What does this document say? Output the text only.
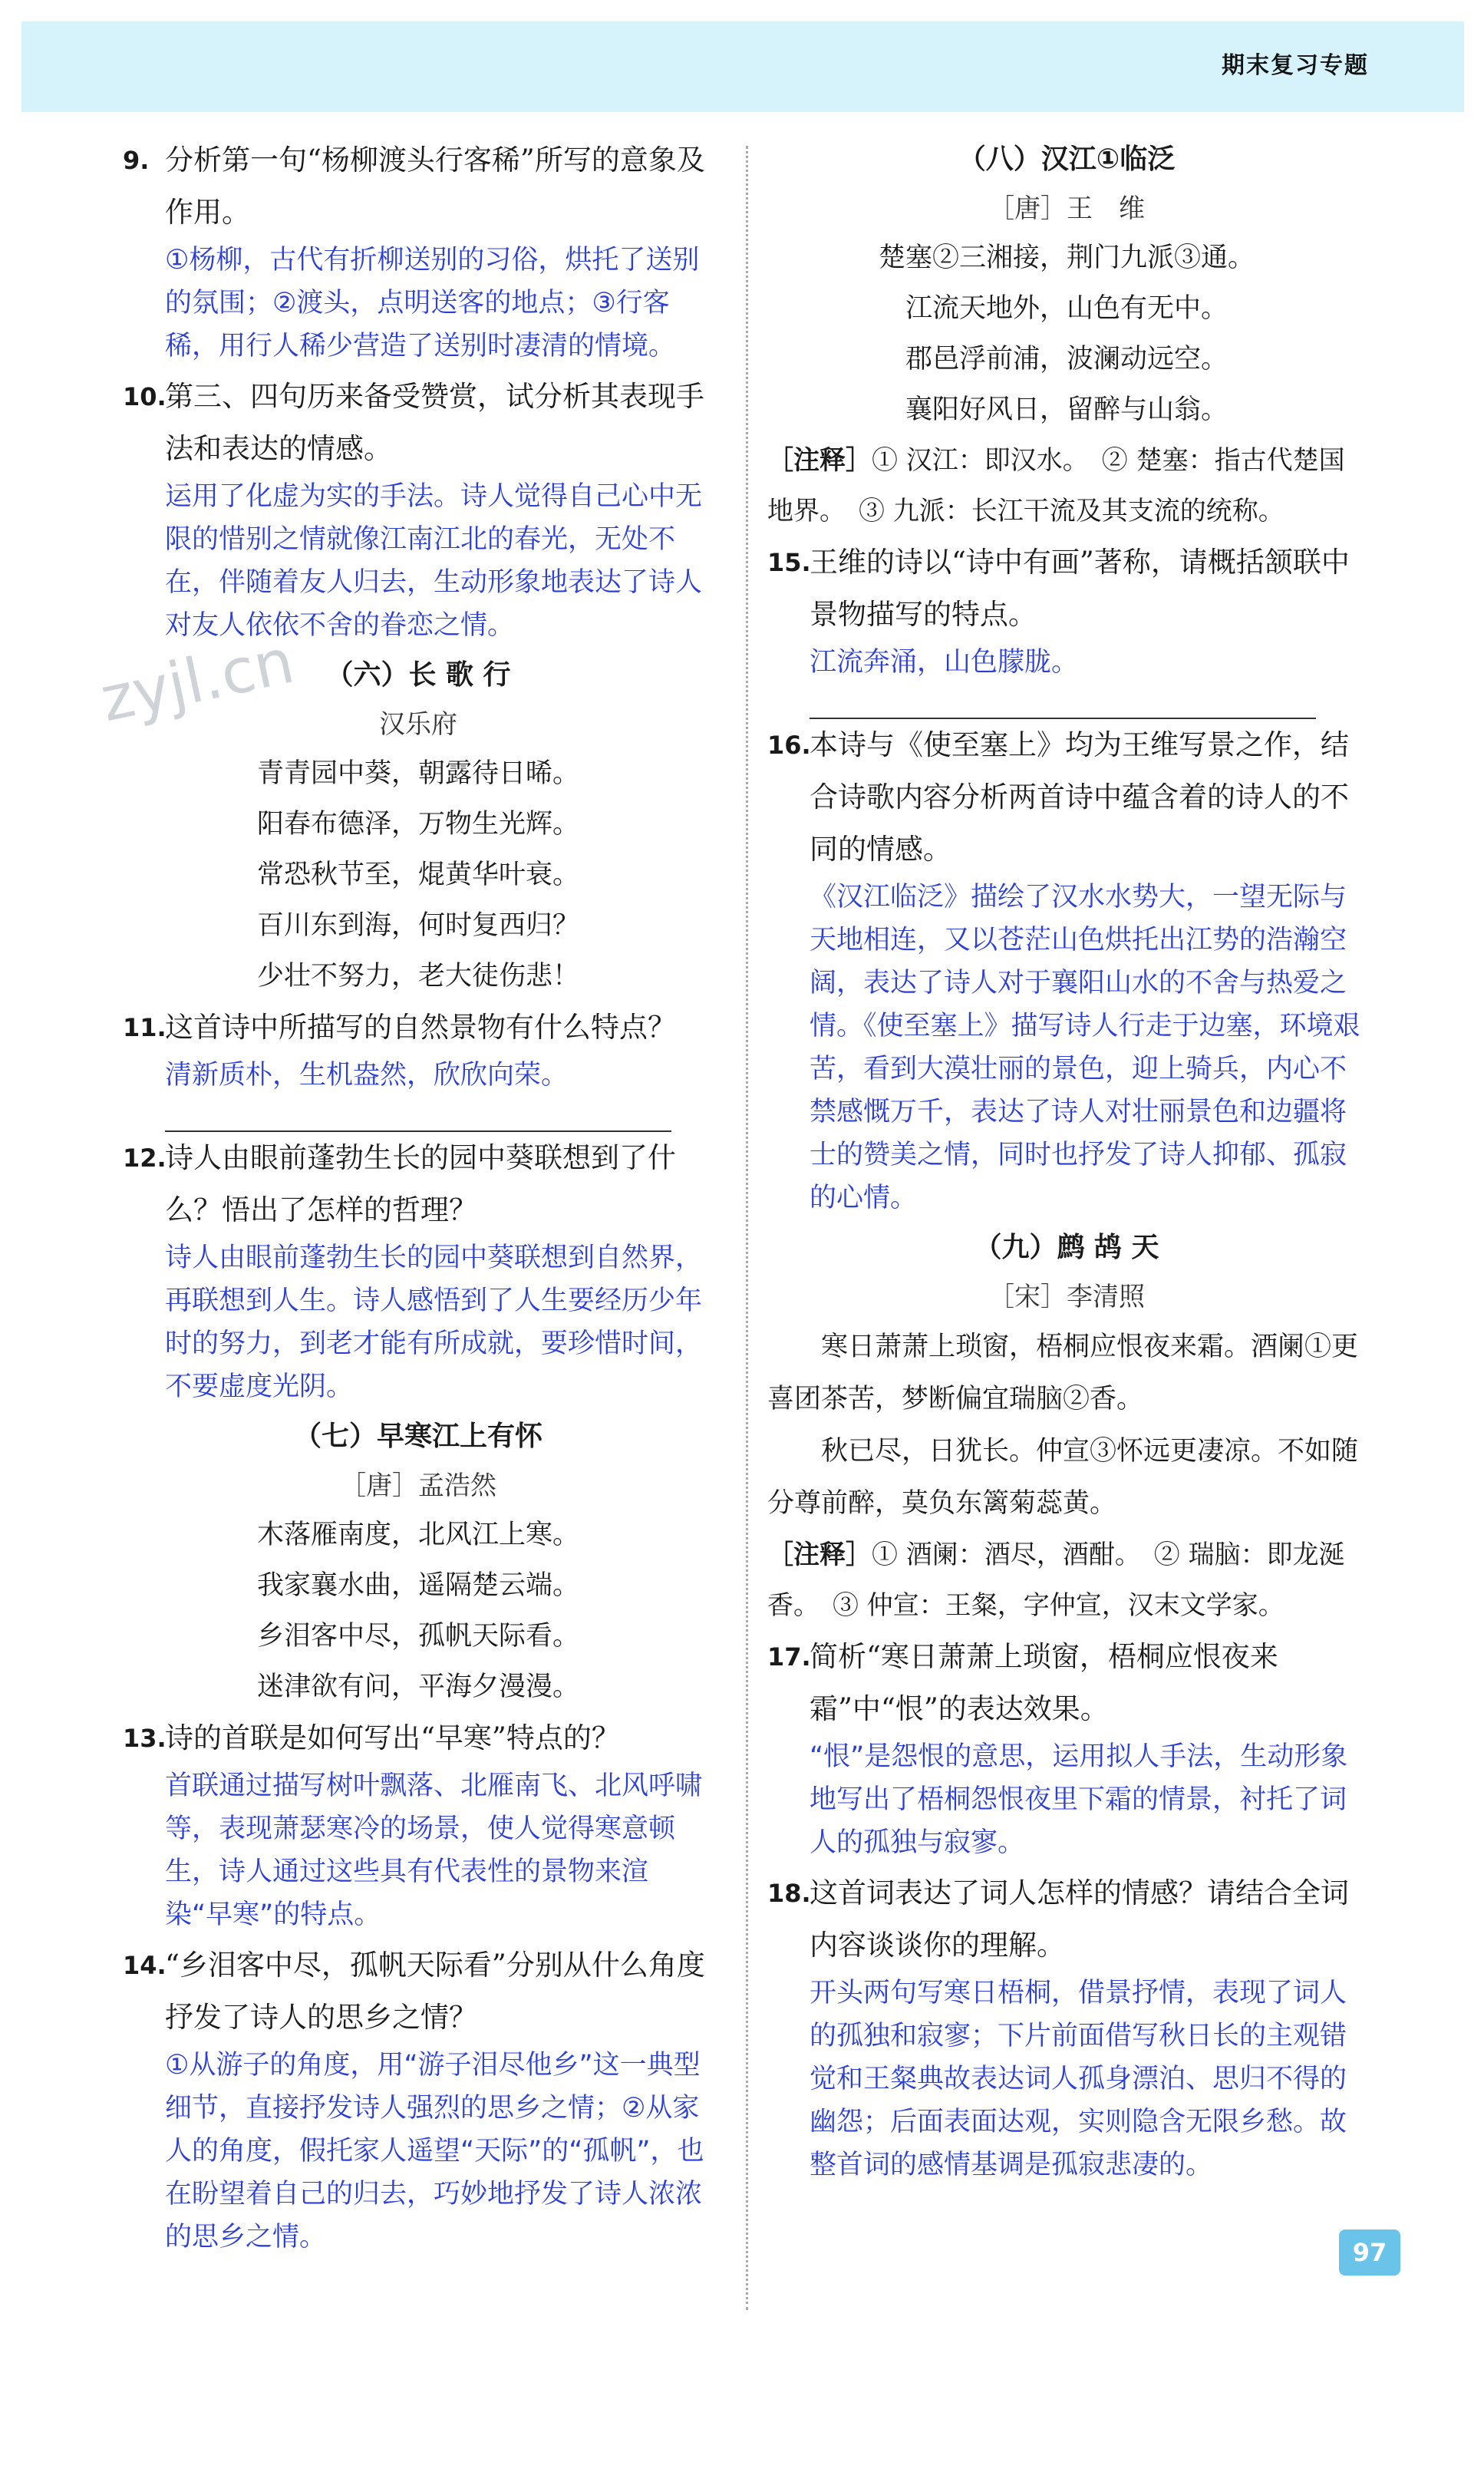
期末复习专题
zyjl.cn
9. 分析第一句“杨柳渡头行客稀”所写的意象及作用。
①杨柳，古代有折柳送别的习俗，烘托了送别的氛围；②渡头，点明送客的地点；③行客稀，用行人稀少营造了送别时凄清的情境。
10.
第三、四句历来备受赞赏，试分析其表现手法和表达的情感。
运用了化虚为实的手法。诗人觉得自己心中无限的惜别之情就像江南江北的春光，无处不在，伴随着友人归去，生动形象地表达了诗人对友人依依不舍的眷恋之情。
（六）长 歌 行
汉乐府
青青园中葵，朝露待日晞。
阳春布德泽，万物生光辉。
常恐秋节至，焜黄华叶衰。
百川东到海，何时复西归？
少壮不努力，老大徒伤悲！
11.
这首诗中所描写的自然景物有什么特点？
清新质朴，生机盎然，欣欣向荣。
12.
诗人由眼前蓬勃生长的园中葵联想到了什么？悟出了怎样的哲理？
诗人由眼前蓬勃生长的园中葵联想到自然界，再联想到人生。诗人感悟到了人生要经历少年时的努力，到老才能有所成就，要珍惜时间，不要虚度光阴。
（七）早寒江上有怀
［唐］孟浩然
木落雁南度，北风江上寒。
我家襄水曲，遥隔楚云端。
乡泪客中尽，孤帆天际看。
迷津欲有问，平海夕漫漫。
13.
诗的首联是如何写出“早寒”特点的？
首联通过描写树叶飘落、北雁南飞、北风呼啸等，表现萧瑟寒冷的场景，使人觉得寒意顿生，诗人通过这些具有代表性的景物来渲染“早寒”的特点。
14.
“乡泪客中尽，孤帆天际看”分别从什么角度抒发了诗人的思乡之情？
①从游子的角度，用“游子泪尽他乡”这一典型细节，直接抒发诗人强烈的思乡之情；②从家人的角度，假托家人遥望“天际”的“孤帆”，也在盼望着自己的归去，巧妙地抒发了诗人浓浓的思乡之情。
（八）汉江①临泛
［唐］王　维
楚塞②三湘接，荆门九派③通。
江流天地外，山色有无中。
郡邑浮前浦，波澜动远空。
襄阳好风日，留醉与山翁。
［注释］① 汉江：即汉水。　② 楚塞：指古代楚国地界。　③ 九派：长江干流及其支流的统称。
15.
王维的诗以“诗中有画”著称，请概括颔联中景物描写的特点。
江流奔涌，山色朦胧。
16.
本诗与《使至塞上》均为王维写景之作，结合诗歌内容分析两首诗中蕴含着的诗人的不同的情感。
《汉江临泛》描绘了汉水水势大，一望无际与天地相连，又以苍茫山色烘托出江势的浩瀚空阔，表达了诗人对于襄阳山水的不舍与热爱之情。《使至塞上》描写诗人行走于边塞，环境艰苦，看到大漠壮丽的景色，迎上骑兵，内心不禁感慨万千，表达了诗人对壮丽景色和边疆将士的赞美之情，同时也抒发了诗人抑郁、孤寂的心情。
（九）鹧 鸪 天
［宋］李清照
寒日萧萧上琐窗，梧桐应恨夜来霜。酒阑①更喜团茶苦，梦断偏宜瑞脑②香。
秋已尽，日犹长。仲宣③怀远更凄凉。不如随分尊前醉，莫负东篱菊蕊黄。
［注释］① 酒阑：酒尽，酒酣。　② 瑞脑：即龙涎香。　③ 仲宣：王粲，字仲宣，汉末文学家。
17.
简析“寒日萧萧上琐窗，梧桐应恨夜来霜”中“恨”的表达效果。
“恨”是怨恨的意思，运用拟人手法，生动形象地写出了梧桐怨恨夜里下霜的情景，衬托了词人的孤独与寂寥。
18.
这首词表达了词人怎样的情感？请结合全词内容谈谈你的理解。
开头两句写寒日梧桐，借景抒情，表现了词人的孤独和寂寥；下片前面借写秋日长的主观错觉和王粲典故表达词人孤身漂泊、思归不得的幽怨；后面表面达观，实则隐含无限乡愁。故整首词的感情基调是孤寂悲凄的。
97
